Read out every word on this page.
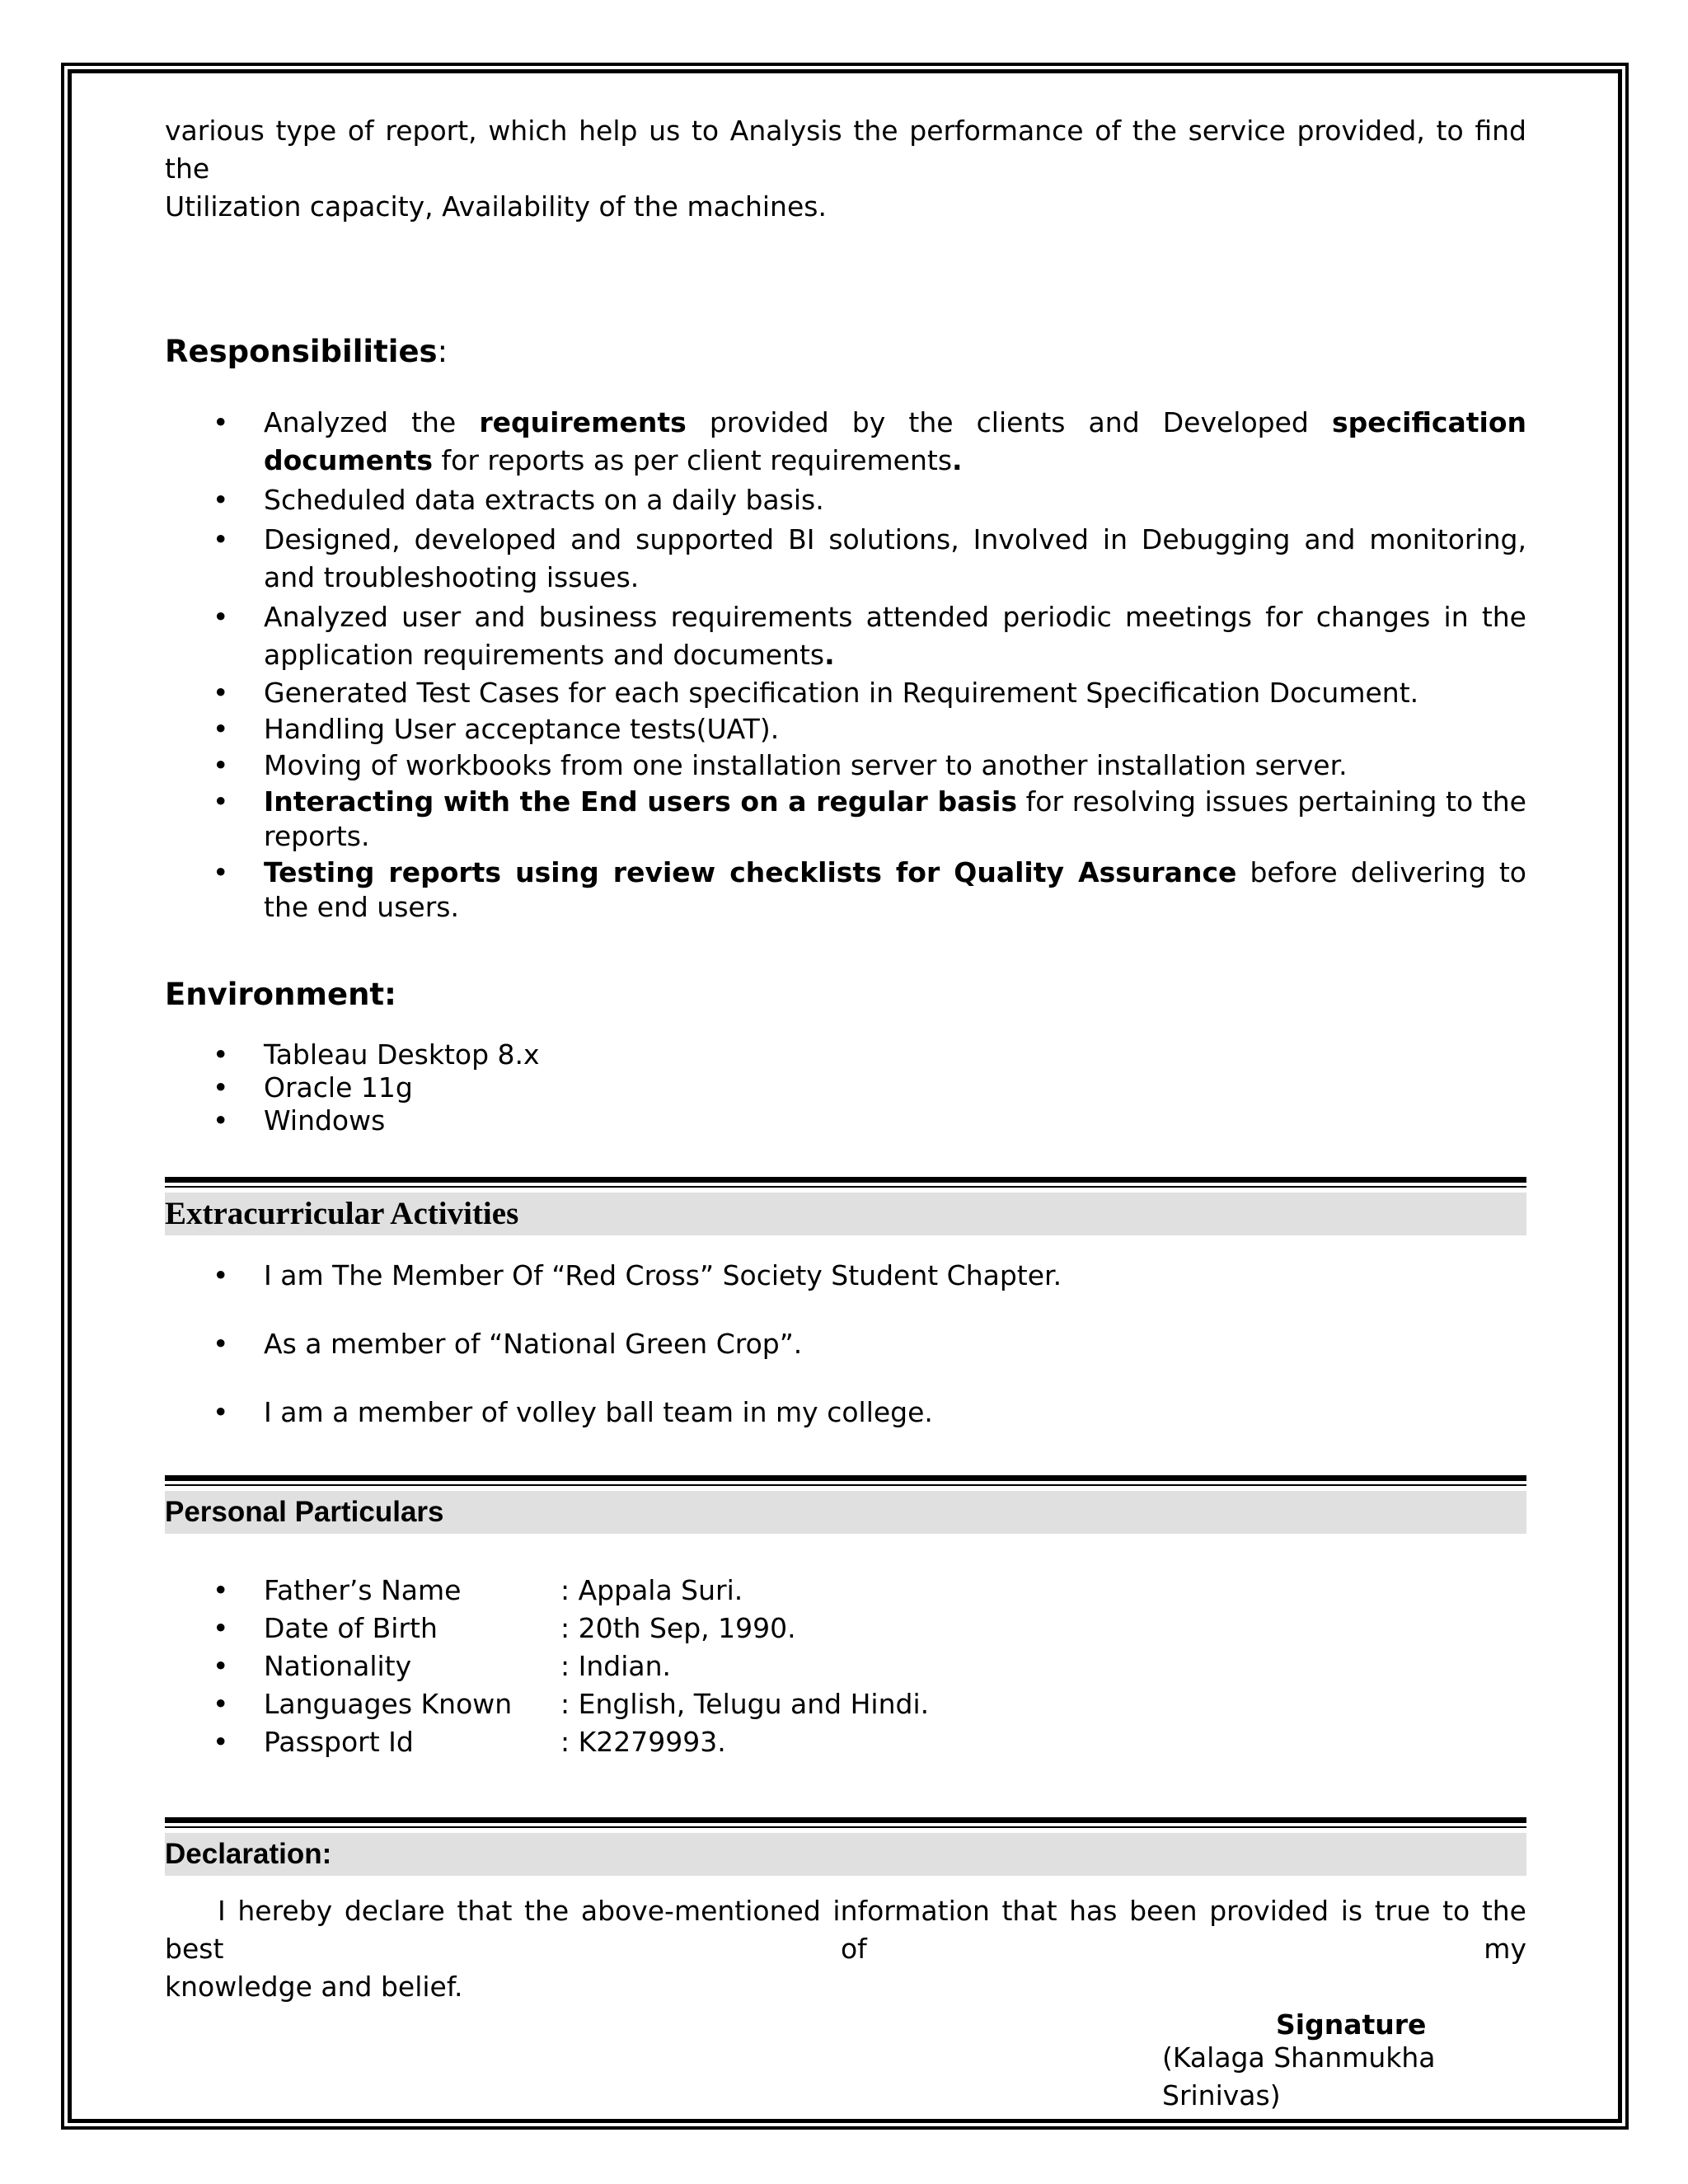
various type of report, which help us to Analysis the performance of the service provided, to find the

Utilization capacity, Availability of the machines.

Responsibilities:

•	Analyzed the requirements provided by the clients and Developed specification documents for reports as per client requirements.
•	Scheduled data extracts on a daily basis.
•	Designed, developed and supported BI solutions, Involved in Debugging and monitoring, and troubleshooting issues.
•	Analyzed user and business requirements attended periodic meetings for changes in the application requirements and documents.
•	Generated Test Cases for each specification in Requirement Specification Document.
•	Handling User acceptance tests(UAT).
•	Moving of workbooks from one installation server to another installation server.
•	Interacting with the End users on a regular basis for resolving issues pertaining to the reports.
•	Testing reports using review checklists for Quality Assurance before delivering to the end users.

Environment:

•	Tableau Desktop 8.x
•	Oracle 11g
•	Windows
Extracurricular Activities
•	I am The Member Of “Red Cross” Society Student Chapter.
•	As a member of “National Green Crop”.
•	I am a member of volley ball team in my college.
Personal Particulars
•	Father’s Name	: Appala Suri.
•	Date of Birth	: 20th Sep, 1990.
•	Nationality	: Indian.
•	Languages Known	: English, Telugu and Hindi.
•	Passport Id	: K2279993.
Declaration:

I hereby declare that the above-mentioned information that has been provided is true to the best of my

knowledge and belief.

Signature
(Kalaga Shanmukha Srinivas)
